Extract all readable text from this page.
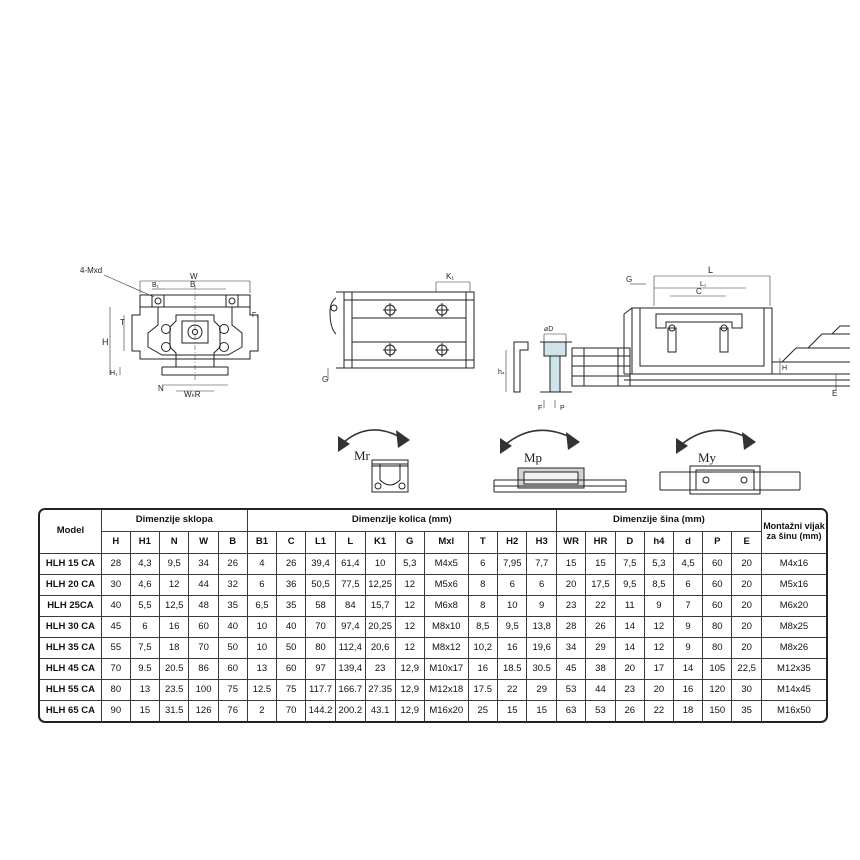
4-Mxd
W
B₁	B
T
H
H₁
N
WₕR
F₂
K₁
G
⌀D
h₄
F	P
G
L
L₁
C
H
E
Mr	Mp	My
Model	Dimenzije sklopa					Dimenzije kolica (mm)										Dimenzije šina (mm)							Montažni vijak za šinu (mm)
	H	H1	N	W	B	B1	C	L1	L	K1	G	Mxl	T	H2	H3	WR	HR	D	h4	d	P	E	
HLH 15 CA	28	4,3	9,5	34	26	4	26	39,4	61,4	10	5,3	M4x5	6	7,95	7,7	15	15	7,5	5,3	4,5	60	20	M4x16
HLH 20 CA	30	4,6	12	44	32	6	36	50,5	77,5	12,25	12	M5x6	8	6	6	20	17,5	9,5	8,5	6	60	20	M5x16
HLH 25CA	40	5,5	12,5	48	35	6,5	35	58	84	15,7	12	M6x8	8	10	9	23	22	11	9	7	60	20	M6x20
HLH 30 CA	45	6	16	60	40	10	40	70	97,4	20,25	12	M8x10	8,5	9,5	13,8	28	26	14	12	9	80	20	M8x25
HLH 35 CA	55	7,5	18	70	50	10	50	80	112,4	20,6	12	M8x12	10,2	16	19,6	34	29	14	12	9	80	20	M8x26
HLH 45 CA	70	9.5	20.5	86	60	13	60	97	139,4	23	12,9	M10x17	16	18.5	30.5	45	38	20	17	14	105	22,5	M12x35
HLH 55 CA	80	13	23.5	100	75	12.5	75	117.7	166.7	27.35	12,9	M12x18	17.5	22	29	53	44	23	20	16	120	30	M14x45
HLH 65 CA	90	15	31.5	126	76	2	70	144.2	200.2	43.1	12,9	M16x20	25	15	15	63	53	26	22	18	150	35	M16x50
